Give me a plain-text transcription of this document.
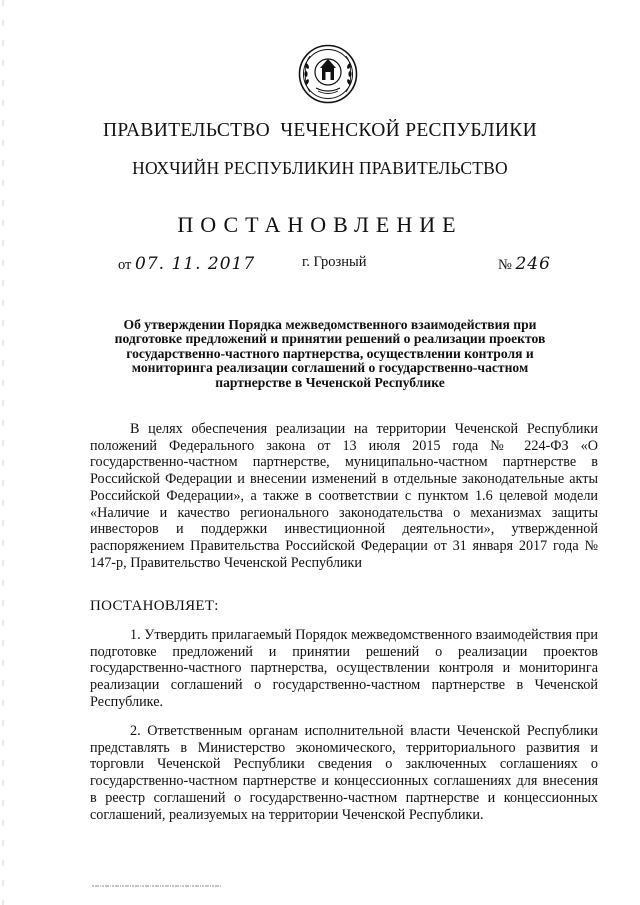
ПРАВИТЕЛЬСТВО  ЧЕЧЕНСКОЙ РЕСПУБЛИКИ
НОХЧИЙН РЕСПУБЛИКИН ПРАВИТЕЛЬСТВО
ПОСТАНОВЛЕНИЕ
от 07. 11. 2017	г. Грозный	№ 246
Об утверждении Порядка межведомственного взаимодействия при подготовке предложений и принятии решений о реализации проектов государственно-частного партнерства, осуществлении контроля и мониторинга реализации соглашений о государственно-частном партнерстве в Чеченской Республике

В целях обеспечения реализации на территории Чеченской Республики положений Федерального закона от 13 июля 2015 года № 224-ФЗ «О государственно-частном партнерстве, муниципально-частном партнерстве в Российской Федерации и внесении изменений в отдельные законодательные акты Российской Федерации», а также в соответствии с пунктом 1.6 целевой модели «Наличие и качество регионального законодательства о механизмах защиты инвесторов и поддержки инвестиционной деятельности», утвержденной распоряжением Правительства Российской Федерации от 31 января 2017 года № 147-р, Правительство Чеченской Республики

ПОСТАНОВЛЯЕТ:

1. Утвердить прилагаемый Порядок межведомственного взаимодействия при подготовке предложений и принятии решений о реализации проектов государственно-частного партнерства, осуществлении контроля и мониторинга реализации соглашений о государственно-частном партнерстве в Чеченской Республике.

2. Ответственным органам исполнительной власти Чеченской Республики представлять в Министерство экономического, территориального развития и торговли Чеченской Республики сведения о заключенных соглашениях о государственно-частном партнерстве и концессионных соглашениях для внесения в реестр соглашений о государственно-частном партнерстве и концессионных соглашений, реализуемых на территории Чеченской Республики.
